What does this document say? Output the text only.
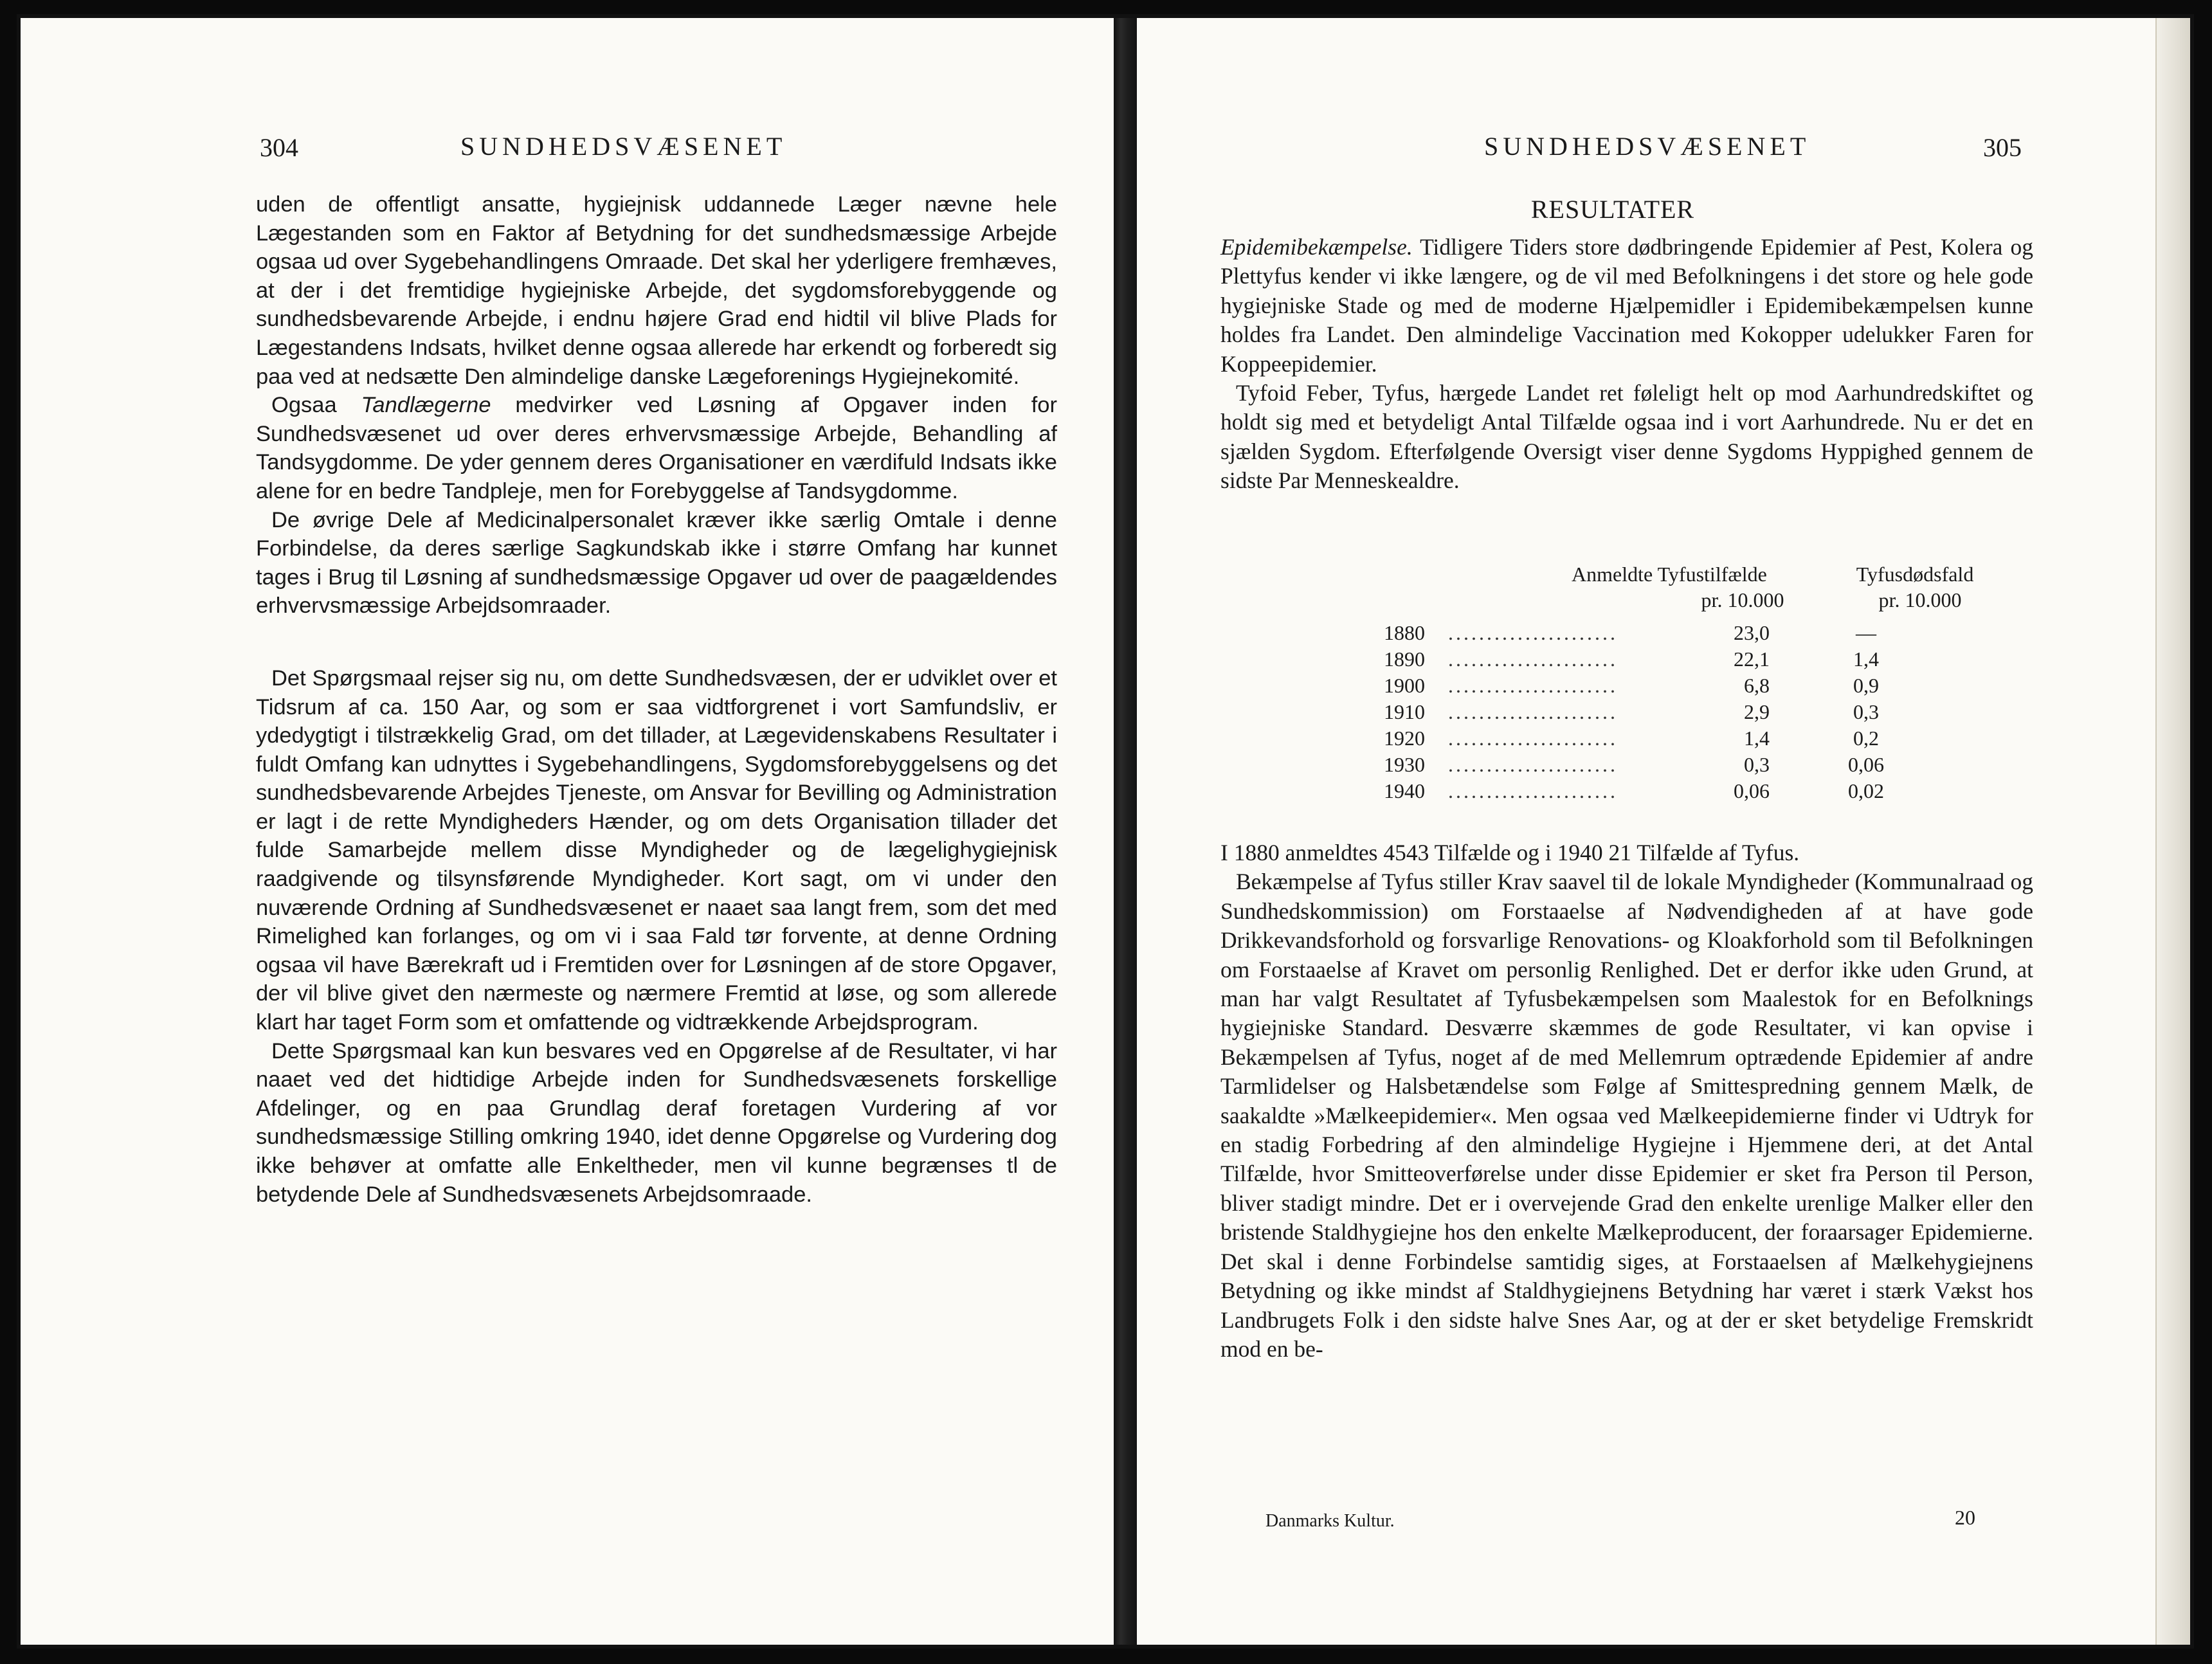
304	SUNDHEDSVÆSENET

uden de offentligt ansatte, hygiejnisk uddannede Læger nævne hele Lægestanden som en Faktor af Betydning for det sundhedsmæssige Arbejde ogsaa ud over Sygebehandlingens Omraade. Det skal her yderligere fremhæves, at der i det fremtidige hygiejniske Arbejde, det sygdomsforebyggende og sundhedsbevarende Arbejde, i endnu højere Grad end hidtil vil blive Plads for Lægestandens Indsats, hvilket denne ogsaa allerede har erkendt og forberedt sig paa ved at nedsætte Den almindelige danske Lægeforenings Hygiejnekomité.

Ogsaa Tandlægerne medvirker ved Løsning af Opgaver inden for Sundhedsvæsenet ud over deres erhvervsmæssige Arbejde, Behandling af Tandsygdomme. De yder gennem deres Organisationer en værdifuld Indsats ikke alene for en bedre Tandpleje, men for Forebyggelse af Tandsygdomme.

De øvrige Dele af Medicinalpersonalet kræver ikke særlig Omtale i denne Forbindelse, da deres særlige Sagkundskab ikke i større Omfang har kunnet tages i Brug til Løsning af sundhedsmæssige Opgaver ud over de paagældendes erhvervsmæssige Arbejdsomraader.

Det Spørgsmaal rejser sig nu, om dette Sundhedsvæsen, der er udviklet over et Tidsrum af ca. 150 Aar, og som er saa vidtforgrenet i vort Samfundsliv, er ydedygtigt i tilstrækkelig Grad, om det tillader, at Lægevidenskabens Resultater i fuldt Omfang kan udnyttes i Sygebehandlingens, Sygdomsforebyggelsens og det sundhedsbevarende Arbejdes Tjeneste, om Ansvar for Bevilling og Administration er lagt i de rette Myndigheders Hænder, og om dets Organisation tillader det fulde Samarbejde mellem disse Myndigheder og de lægelighygiejnisk raadgivende og tilsynsførende Myndigheder. Kort sagt, om vi under den nuværende Ordning af Sundhedsvæsenet er naaet saa langt frem, som det med Rimelighed kan forlanges, og om vi i saa Fald tør forvente, at denne Ordning ogsaa vil have Bærekraft ud i Fremtiden over for Løsningen af de store Opgaver, der vil blive givet den nærmeste og nærmere Fremtid at løse, og som allerede klart har taget Form som et omfattende og vidtrækkende Arbejdsprogram.

Dette Spørgsmaal kan kun besvares ved en Opgørelse af de Resultater, vi har naaet ved det hidtidige Arbejde inden for Sundhedsvæsenets forskellige Afdelinger, og en paa Grundlag deraf foretagen Vurdering af vor sundhedsmæssige Stilling omkring 1940, idet denne Opgørelse og Vurdering dog ikke behøver at omfatte alle Enkeltheder, men vil kunne begrænses tl de betydende Dele af Sundhedsvæsenets Arbejdsomraade.

SUNDHEDSVÆSENET	305
RESULTATER

Epidemibekæmpelse. Tidligere Tiders store dødbringende Epidemier af Pest, Kolera og Plettyfus kender vi ikke længere, og de vil med Befolkningens i det store og hele gode hygiejniske Stade og med de moderne Hjælpemidler i Epidemibekæmpelsen kunne holdes fra Landet. Den almindelige Vaccination med Kokopper udelukker Faren for Koppeepidemier.

Tyfoid Feber, Tyfus, hærgede Landet ret føleligt helt op mod Aarhundredskiftet og holdt sig med et betydeligt Antal Tilfælde ogsaa ind i vort Aarhundrede. Nu er det en sjælden Sygdom. Efterfølgende Oversigt viser denne Sygdoms Hyppighed gennem de sidste Par Menneskealdre.

Anmeldte Tyfustilfælde	Tyfusdødsfald
pr. 10.000	pr. 10.000
1880	......................	23,0	—
1890	......................	22,1	1,4
1900	......................	6,8	0,9
1910	......................	2,9	0,3
1920	......................	1,4	0,2
1930	......................	0,3	0,06
1940	......................	0,06	0,02

I 1880 anmeldtes 4543 Tilfælde og i 1940 21 Tilfælde af Tyfus.

Bekæmpelse af Tyfus stiller Krav saavel til de lokale Myndigheder (Kommunalraad og Sundhedskommission) om Forstaaelse af Nødvendigheden af at have gode Drikkevandsforhold og forsvarlige Renovations- og Kloakforhold som til Befolkningen om Forstaaelse af Kravet om personlig Renlighed. Det er derfor ikke uden Grund, at man har valgt Resultatet af Tyfusbekæmpelsen som Maalestok for en Befolknings hygiejniske Standard. Desværre skæmmes de gode Resultater, vi kan opvise i Bekæmpelsen af Tyfus, noget af de med Mellemrum optrædende Epidemier af andre Tarmlidelser og Halsbetændelse som Følge af Smittespredning gennem Mælk, de saakaldte »Mælkeepidemier«. Men ogsaa ved Mælkeepidemierne finder vi Udtryk for en stadig Forbedring af den almindelige Hygiejne i Hjemmene deri, at det Antal Tilfælde, hvor Smitteoverførelse under disse Epidemier er sket fra Person til Person, bliver stadigt mindre. Det er i overvejende Grad den enkelte urenlige Malker eller den bristende Staldhygiejne hos den enkelte Mælkeproducent, der foraarsager Epidemierne. Det skal i denne Forbindelse samtidig siges, at Forstaaelsen af Mælkehygiejnens Betydning og ikke mindst af Staldhygiejnens Betydning har været i stærk Vækst hos Landbrugets Folk i den sidste halve Snes Aar, og at der er sket betydelige Fremskridt mod en be-

Danmarks Kultur.	20
